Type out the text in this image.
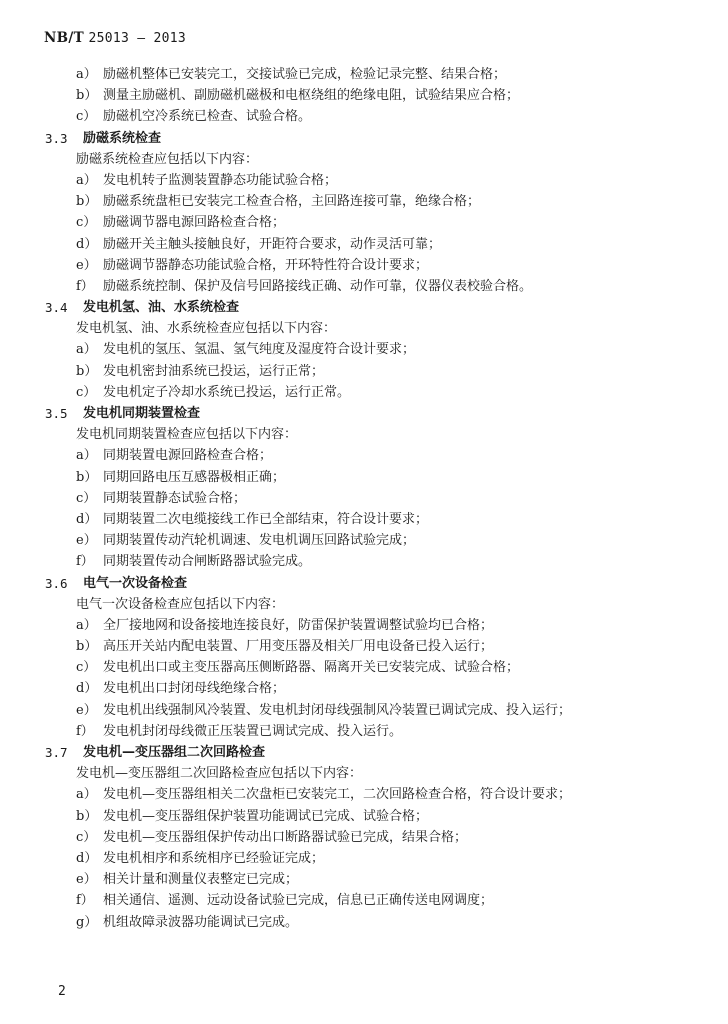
NB/T 25013 — 2013
a） 励磁机整体已安装完工，交接试验已完成，检验记录完整、结果合格；
b） 测量主励磁机、副励磁机磁极和电枢绕组的绝缘电阻，试验结果应合格；
c） 励磁机空冷系统已检查、试验合格。
3.3 励磁系统检查
励磁系统检查应包括以下内容：
a） 发电机转子监测装置静态功能试验合格；
b） 励磁系统盘柜已安装完工检查合格，主回路连接可靠，绝缘合格；
c） 励磁调节器电源回路检查合格；
d） 励磁开关主触头接触良好，开距符合要求，动作灵活可靠；
e） 励磁调节器静态功能试验合格，开环特性符合设计要求；
f） 励磁系统控制、保护及信号回路接线正确、动作可靠，仪器仪表校验合格。
3.4 发电机氢、油、水系统检查
发电机氢、油、水系统检查应包括以下内容：
a） 发电机的氢压、氢温、氢气纯度及湿度符合设计要求；
b） 发电机密封油系统已投运，运行正常；
c） 发电机定子冷却水系统已投运，运行正常。
3.5 发电机同期装置检查
发电机同期装置检查应包括以下内容：
a） 同期装置电源回路检查合格；
b） 同期回路电压互感器极相正确；
c） 同期装置静态试验合格；
d） 同期装置二次电缆接线工作已全部结束，符合设计要求；
e） 同期装置传动汽轮机调速、发电机调压回路试验完成；
f） 同期装置传动合闸断路器试验完成。
3.6 电气一次设备检查
电气一次设备检查应包括以下内容：
a） 全厂接地网和设备接地连接良好，防雷保护装置调整试验均已合格；
b） 高压开关站内配电装置、厂用变压器及相关厂用电设备已投入运行；
c） 发电机出口或主变压器高压侧断路器、隔离开关已安装完成、试验合格；
d） 发电机出口封闭母线绝缘合格；
e） 发电机出线强制风冷装置、发电机封闭母线强制风冷装置已调试完成、投入运行；
f） 发电机封闭母线微正压装置已调试完成、投入运行。
3.7 发电机—变压器组二次回路检查
发电机—变压器组二次回路检查应包括以下内容：
a） 发电机—变压器组相关二次盘柜已安装完工，二次回路检查合格，符合设计要求；
b） 发电机—变压器组保护装置功能调试已完成、试验合格；
c） 发电机—变压器组保护传动出口断路器试验已完成，结果合格；
d） 发电机相序和系统相序已经验证完成；
e） 相关计量和测量仪表整定已完成；
f） 相关通信、遥测、远动设备试验已完成，信息已正确传送电网调度；
g） 机组故障录波器功能调试已完成。
2
